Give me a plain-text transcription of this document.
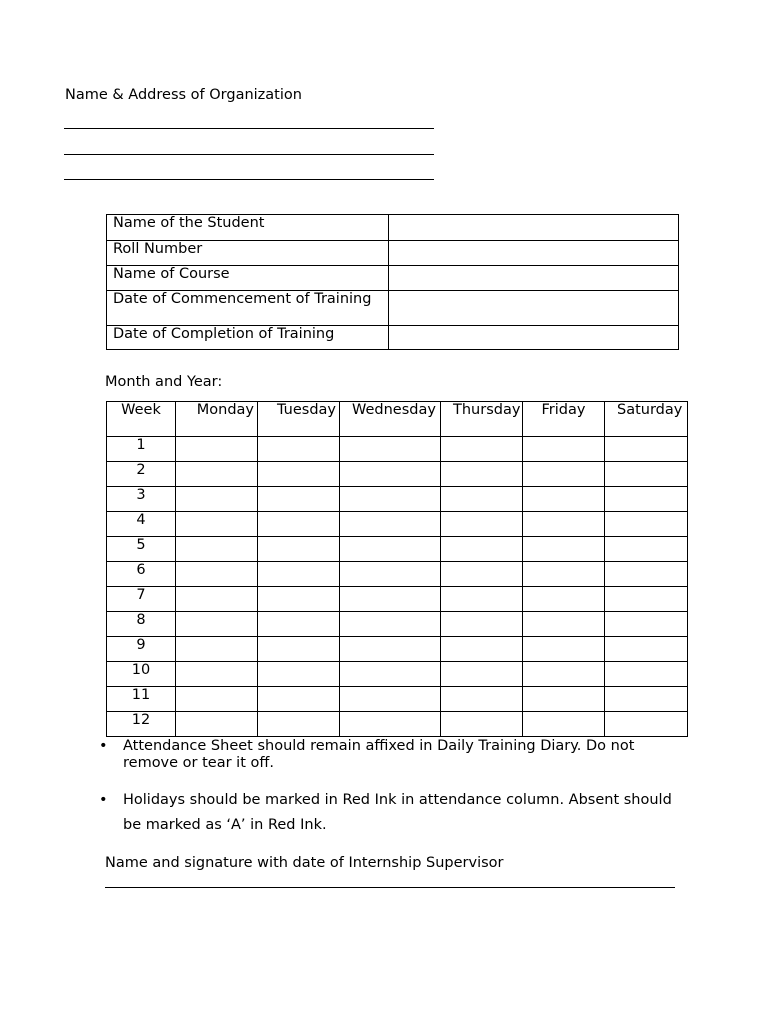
Name & Address of Organization
Name of the Student	
Roll Number	
Name of Course	
Date of Commencement of Training	
Date of Completion of Training	
Month and Year:
Week	Monday	Tuesday	Wednesday	Thursday	Friday	Saturday
1						
2						
3						
4						
5						
6						
7						
8						
9						
10						
11						
12						
• Attendance Sheet should remain affixed in Daily Training Diary. Do not remove or tear it off.
• Holidays should be marked in Red Ink in attendance column. Absent should be marked as ‘A’ in Red Ink.
Name and signature with date of Internship Supervisor
